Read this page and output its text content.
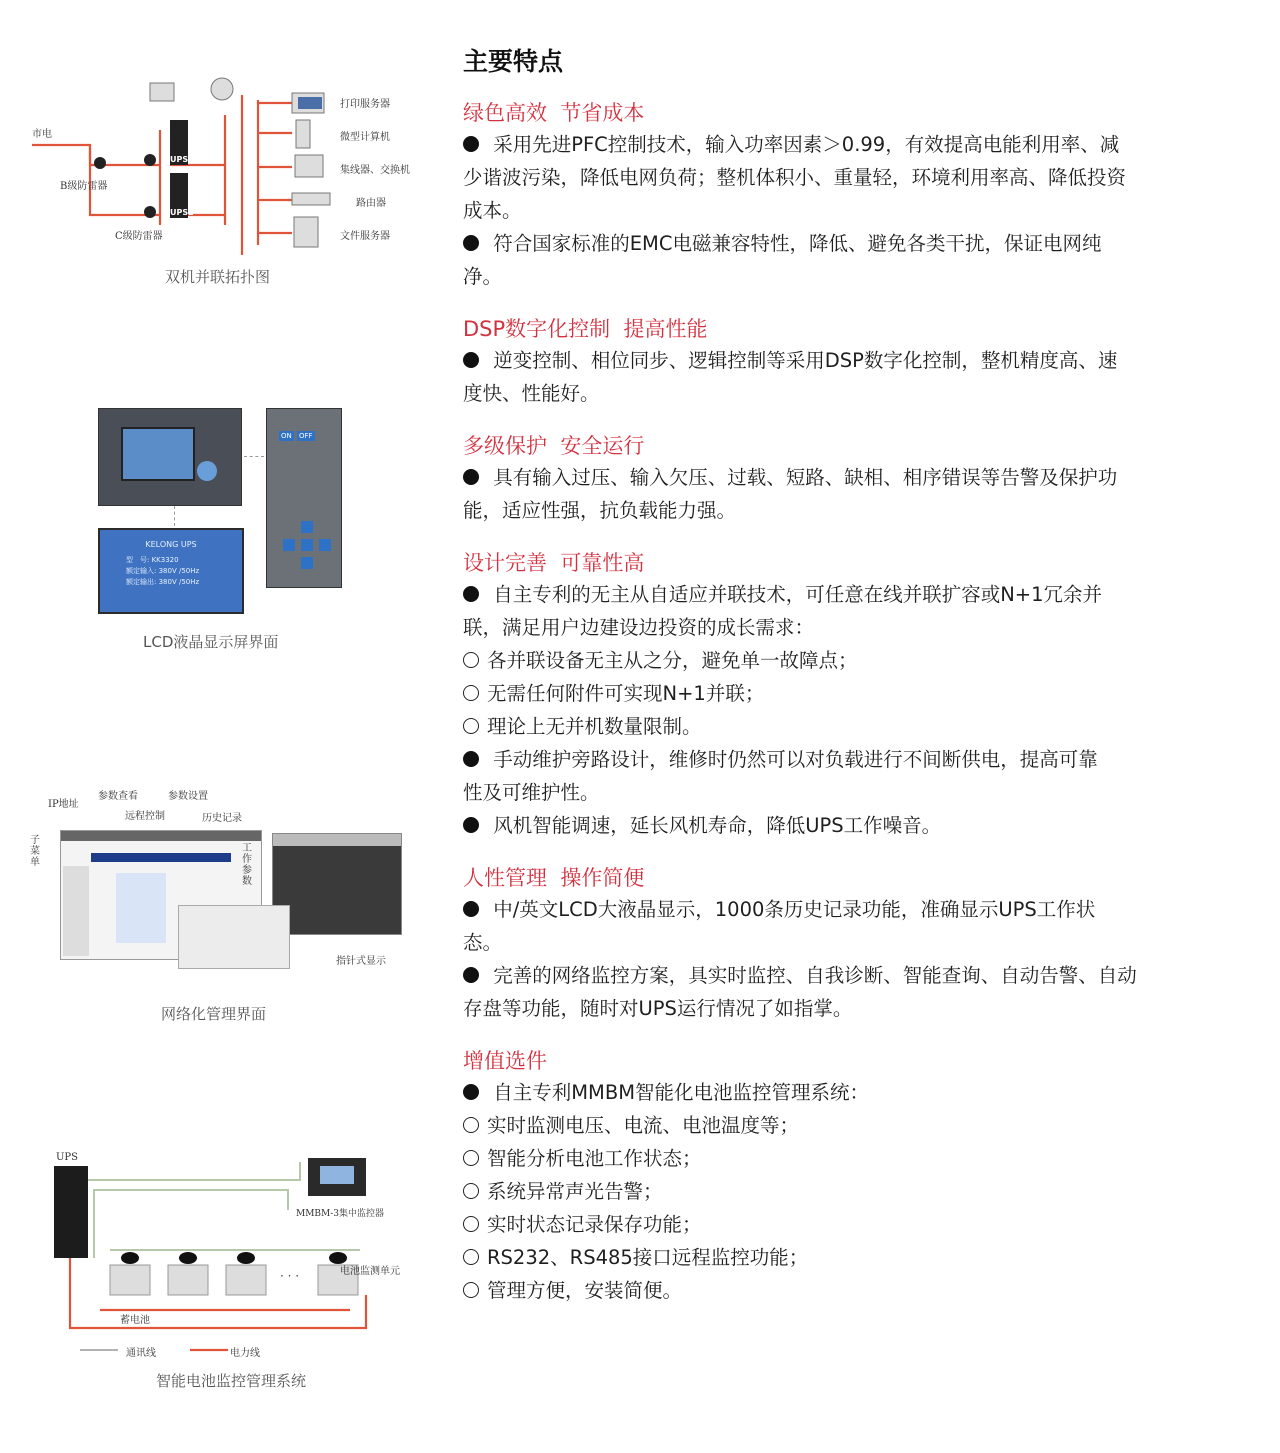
UPS1
UPS2
市电
B级防雷器
C级防雷器
打印服务器
微型计算机
集线器、交换机
路由器
文件服务器
双机并联拓扑图
KELONG UPS
型　号: KK3320
额定输入: 380V /50Hz
额定输出: 380V /50Hz
ON OFF
LCD液晶显示屏界面
IP地址
参数查看	参数设置
远程控制	历史记录
子菜单
工作参数
指针式显示
网络化管理界面
· · ·
UPS
MMBM-3集中监控器
电池监测单元
蓄电池
通讯线	电力线
智能电池监控管理系统
主要特点
绿色高效  节省成本
采用先进PFC控制技术，输入功率因素＞0.99，有效提高电能利用率、减
少谐波污染，降低电网负荷；整机体积小、重量轻，环境利用率高、降低投资
成本。
符合国家标准的EMC电磁兼容特性，降低、避免各类干扰，保证电网纯
净。
DSP数字化控制  提高性能
逆变控制、相位同步、逻辑控制等采用DSP数字化控制，整机精度高、速
度快、性能好。
多级保护  安全运行
具有输入过压、输入欠压、过载、短路、缺相、相序错误等告警及保护功
能，适应性强，抗负载能力强。
设计完善  可靠性高
自主专利的无主从自适应并联技术，可任意在线并联扩容或N+1冗余并
联，满足用户边建设边投资的成长需求：
各并联设备无主从之分，避免单一故障点；
无需任何附件可实现N+1并联；
理论上无并机数量限制。
手动维护旁路设计，维修时仍然可以对负载进行不间断供电，提高可靠
性及可维护性。
风机智能调速，延长风机寿命，降低UPS工作噪音。
人性管理  操作简便
中/英文LCD大液晶显示，1000条历史记录功能，准确显示UPS工作状
态。
完善的网络监控方案，具实时监控、自我诊断、智能查询、自动告警、自动
存盘等功能，随时对UPS运行情况了如指掌。
增值选件
自主专利MMBM智能化电池监控管理系统：
实时监测电压、电流、电池温度等；
智能分析电池工作状态；
系统异常声光告警；
实时状态记录保存功能；
RS232、RS485接口远程监控功能；
管理方便，安装简便。
